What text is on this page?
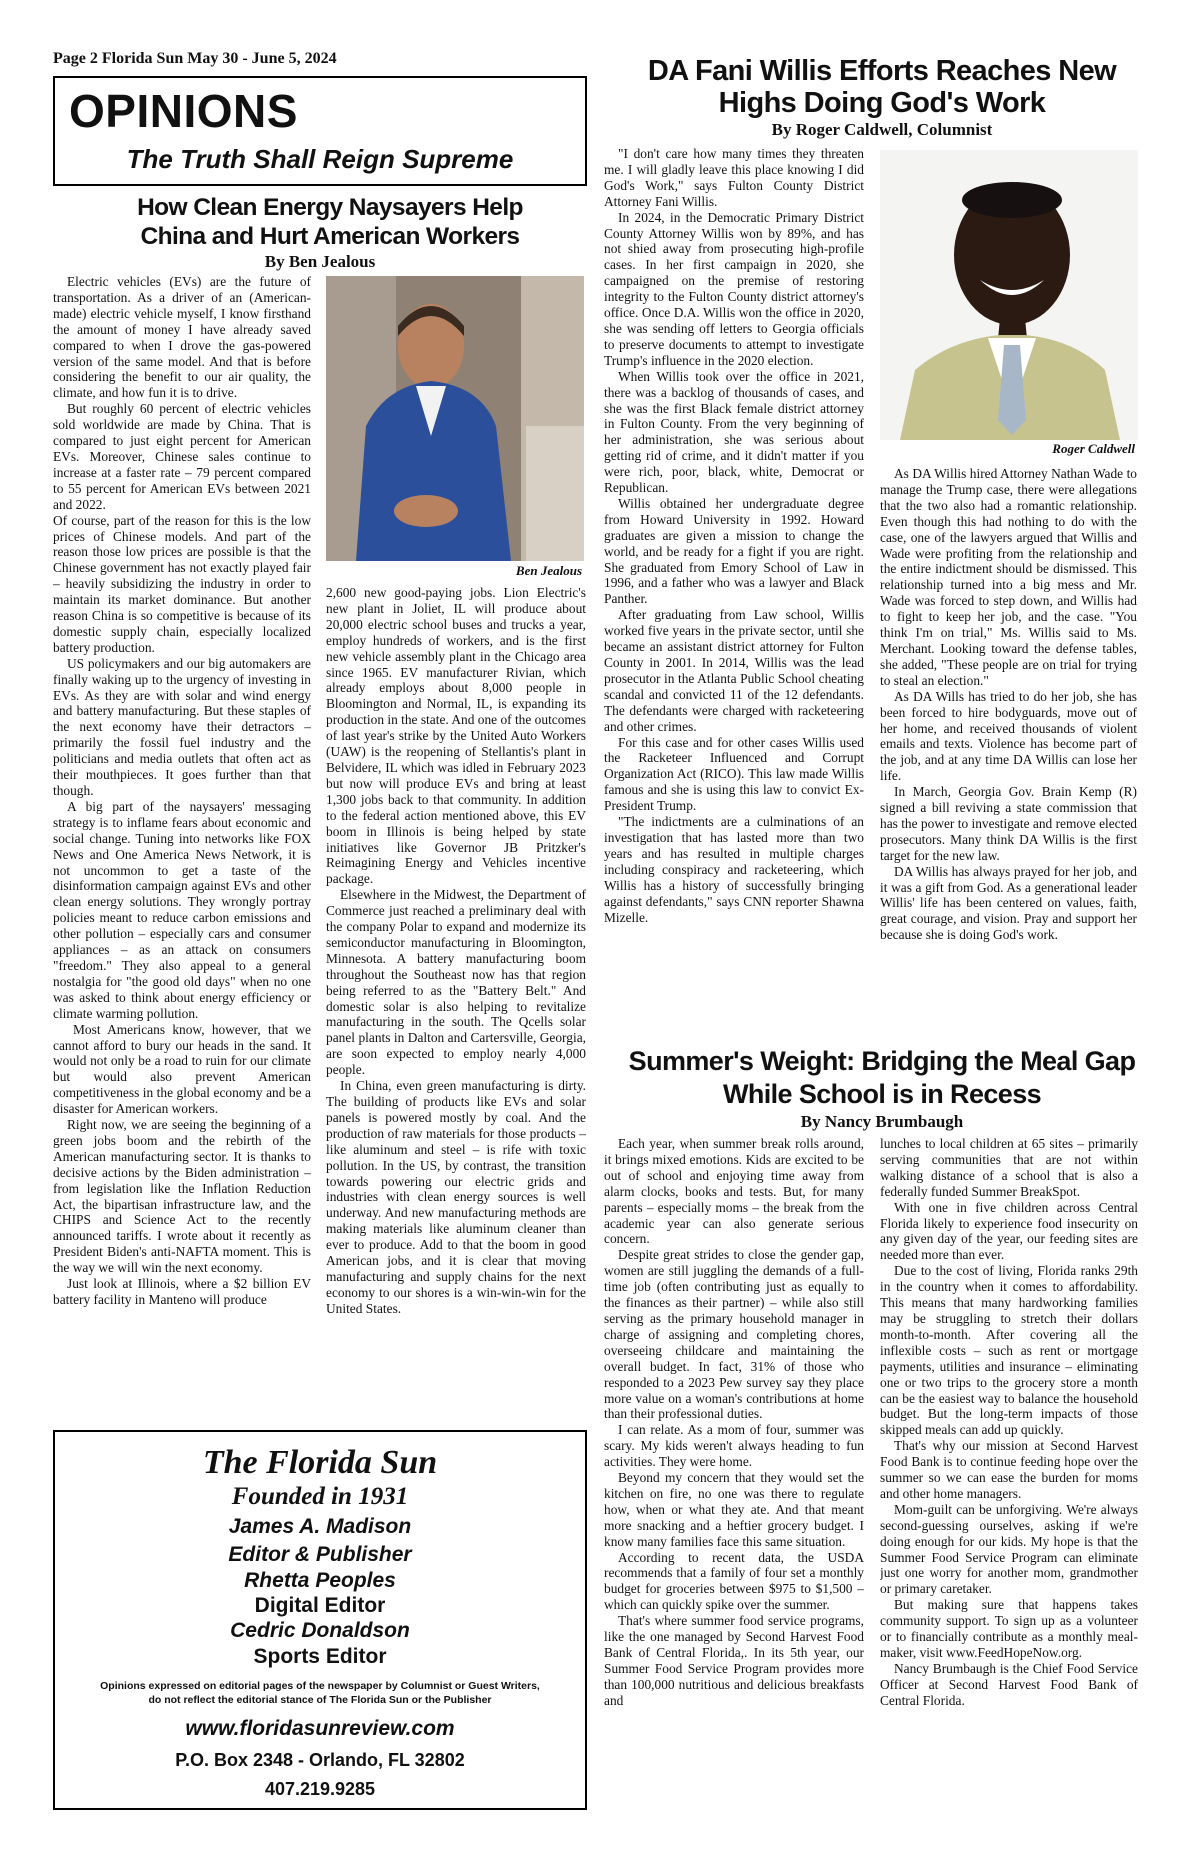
Page 2 Florida Sun May 30 - June 5, 2024
OPINIONS
The Truth Shall Reign Supreme
How Clean Energy Naysayers Help China and Hurt American Workers
By Ben Jealous

Electric vehicles (EVs) are the future of transportation. As a driver of an (American-made) electric vehicle myself, I know firsthand the amount of money I have already saved compared to when I drove the gas-powered version of the same model. And that is before considering the benefit to our air quality, the climate, and how fun it is to drive.

But roughly 60 percent of electric vehicles sold worldwide are made by China. That is compared to just eight percent for American EVs. Moreover, Chinese sales continue to increase at a faster rate – 79 percent compared to 55 percent for American EVs between 2021 and 2022.

Of course, part of the reason for this is the low prices of Chinese models. And part of the reason those low prices are possible is that the Chinese government has not exactly played fair – heavily subsidizing the industry in order to maintain its market dominance. But another reason China is so competitive is because of its domestic supply chain, especially localized battery production.

US policymakers and our big automakers are finally waking up to the urgency of investing in EVs. As they are with solar and wind energy and battery manufacturing. But these staples of the next economy have their detractors – primarily the fossil fuel industry and the politicians and media outlets that often act as their mouthpieces. It goes further than that though.

A big part of the naysayers' messaging strategy is to inflame fears about economic and social change. Tuning into networks like FOX News and One America News Network, it is not uncommon to get a taste of the disinformation campaign against EVs and other clean energy solutions. They wrongly portray policies meant to reduce carbon emissions and other pollution – especially cars and consumer appliances – as an attack on consumers "freedom." They also appeal to a general nostalgia for "the good old days" when no one was asked to think about energy efficiency or climate warming pollution.

Most Americans know, however, that we cannot afford to bury our heads in the sand. It would not only be a road to ruin for our climate but would also prevent American competitiveness in the global economy and be a disaster for American workers.

Right now, we are seeing the beginning of a green jobs boom and the rebirth of the American manufacturing sector. It is thanks to decisive actions by the Biden administration – from legislation like the Inflation Reduction Act, the bipartisan infrastructure law, and the CHIPS and Science Act to the recently announced tariffs. I wrote about it recently as President Biden's anti-NAFTA moment. This is the way we will win the next economy.

Just look at Illinois, where a $2 billion EV battery facility in Manteno will produce

Ben Jealous

2,600 new good-paying jobs. Lion Electric's new plant in Joliet, IL will produce about 20,000 electric school buses and trucks a year, employ hundreds of workers, and is the first new vehicle assembly plant in the Chicago area since 1965. EV manufacturer Rivian, which already employs about 8,000 people in Bloomington and Normal, IL, is expanding its production in the state. And one of the outcomes of last year's strike by the United Auto Workers (UAW) is the reopening of Stellantis's plant in Belvidere, IL which was idled in February 2023 but now will produce EVs and bring at least 1,300 jobs back to that community. In addition to the federal action mentioned above, this EV boom in Illinois is being helped by state initiatives like Governor JB Pritzker's Reimagining Energy and Vehicles incentive package.

Elsewhere in the Midwest, the Department of Commerce just reached a preliminary deal with the company Polar to expand and modernize its semiconductor manufacturing in Bloomington, Minnesota. A battery manufacturing boom throughout the Southeast now has that region being referred to as the "Battery Belt." And domestic solar is also helping to revitalize manufacturing in the south. The Qcells solar panel plants in Dalton and Cartersville, Georgia, are soon expected to employ nearly 4,000 people.

In China, even green manufacturing is dirty. The building of products like EVs and solar panels is powered mostly by coal. And the production of raw materials for those products – like aluminum and steel – is rife with toxic pollution. In the US, by contrast, the transition towards powering our electric grids and industries with clean energy sources is well underway. And new manufacturing methods are making materials like aluminum cleaner than ever to produce. Add to that the boom in good American jobs, and it is clear that moving manufacturing and supply chains for the next economy to our shores is a win-win-win for the United States.

The Florida Sun
Founded in 1931
James A. Madison
Editor & Publisher
Rhetta Peoples
Digital Editor
Cedric Donaldson
Sports Editor
Opinions expressed on editorial pages of the newspaper by Columnist or Guest Writers,
do not reflect the editorial stance of The Florida Sun or the Publisher
www.floridasunreview.com
P.O. Box 2348 - Orlando, FL 32802
407.219.9285
DA Fani Willis Efforts Reaches New Highs Doing God's Work
By Roger Caldwell, Columnist

"I don't care how many times they threaten me. I will gladly leave this place knowing I did God's Work," says Fulton County District Attorney Fani Willis.

In 2024, in the Democratic Primary District County Attorney Willis won by 89%, and has not shied away from prosecuting high-profile cases. In her first campaign in 2020, she campaigned on the premise of restoring integrity to the Fulton County district attorney's office. Once D.A. Willis won the office in 2020, she was sending off letters to Georgia officials to preserve documents to attempt to investigate Trump's influence in the 2020 election.

When Willis took over the office in 2021, there was a backlog of thousands of cases, and she was the first Black female district attorney in Fulton County. From the very beginning of her administration, she was serious about getting rid of crime, and it didn't matter if you were rich, poor, black, white, Democrat or Republican.

Willis obtained her undergraduate degree from Howard University in 1992. Howard graduates are given a mission to change the world, and be ready for a fight if you are right. She graduated from Emory School of Law in 1996, and a father who was a lawyer and Black Panther.

After graduating from Law school, Willis worked five years in the private sector, until she became an assistant district attorney for Fulton County in 2001. In 2014, Willis was the lead prosecutor in the Atlanta Public School cheating scandal and convicted 11 of the 12 defendants. The defendants were charged with racketeering and other crimes.

For this case and for other cases Willis used the Racketeer Influenced and Corrupt Organization Act (RICO). This law made Willis famous and she is using this law to convict Ex-President Trump.

"The indictments are a culminations of an investigation that has lasted more than two years and has resulted in multiple charges including conspiracy and racketeering, which Willis has a history of successfully bringing against defendants," says CNN reporter Shawna Mizelle.

Roger Caldwell

As DA Willis hired Attorney Nathan Wade to manage the Trump case, there were allegations that the two also had a romantic relationship. Even though this had nothing to do with the case, one of the lawyers argued that Willis and Wade were profiting from the relationship and the entire indictment should be dismissed. This relationship turned into a big mess and Mr. Wade was forced to step down, and Willis had to fight to keep her job, and the case. "You think I'm on trial," Ms. Willis said to Ms. Merchant. Looking toward the defense tables, she added, "These people are on trial for trying to steal an election."

As DA Wills has tried to do her job, she has been forced to hire bodyguards, move out of her home, and received thousands of violent emails and texts. Violence has become part of the job, and at any time DA Willis can lose her life.

In March, Georgia Gov. Brain Kemp (R) signed a bill reviving a state commission that has the power to investigate and remove elected prosecutors. Many think DA Willis is the first target for the new law.

DA Willis has always prayed for her job, and it was a gift from God. As a generational leader Willis' life has been centered on values, faith, great courage, and vision. Pray and support her because she is doing God's work.

Summer's Weight: Bridging the Meal Gap While School is in Recess
By Nancy Brumbaugh

Each year, when summer break rolls around, it brings mixed emotions. Kids are excited to be out of school and enjoying time away from alarm clocks, books and tests. But, for many parents – especially moms – the break from the academic year can also generate serious concern.

Despite great strides to close the gender gap, women are still juggling the demands of a full-time job (often contributing just as equally to the finances as their partner) – while also still serving as the primary household manager in charge of assigning and completing chores, overseeing childcare and maintaining the overall budget. In fact, 31% of those who responded to a 2023 Pew survey say they place more value on a woman's contributions at home than their professional duties.

I can relate. As a mom of four, summer was scary. My kids weren't always heading to fun activities. They were home.

Beyond my concern that they would set the kitchen on fire, no one was there to regulate how, when or what they ate. And that meant more snacking and a heftier grocery budget. I know many families face this same situation.

According to recent data, the USDA recommends that a family of four set a monthly budget for groceries between $975 to $1,500 – which can quickly spike over the summer.

That's where summer food service programs, like the one managed by Second Harvest Food Bank of Central Florida,. In its 5th year, our Summer Food Service Program provides more than 100,000 nutritious and delicious breakfasts and

lunches to local children at 65 sites – primarily serving communities that are not within walking distance of a school that is also a federally funded Summer BreakSpot.

With one in five children across Central Florida likely to experience food insecurity on any given day of the year, our feeding sites are needed more than ever.

Due to the cost of living, Florida ranks 29th in the country when it comes to affordability. This means that many hardworking families may be struggling to stretch their dollars month-to-month. After covering all the inflexible costs – such as rent or mortgage payments, utilities and insurance – eliminating one or two trips to the grocery store a month can be the easiest way to balance the household budget. But the long-term impacts of those skipped meals can add up quickly.

That's why our mission at Second Harvest Food Bank is to continue feeding hope over the summer so we can ease the burden for moms and other home managers.

Mom-guilt can be unforgiving. We're always second-guessing ourselves, asking if we're doing enough for our kids. My hope is that the Summer Food Service Program can eliminate just one worry for another mom, grandmother or primary caretaker.

But making sure that happens takes community support. To sign up as a volunteer or to financially contribute as a monthly meal-maker, visit www.FeedHopeNow.org.

Nancy Brumbaugh is the Chief Food Service Officer at Second Harvest Food Bank of Central Florida.
